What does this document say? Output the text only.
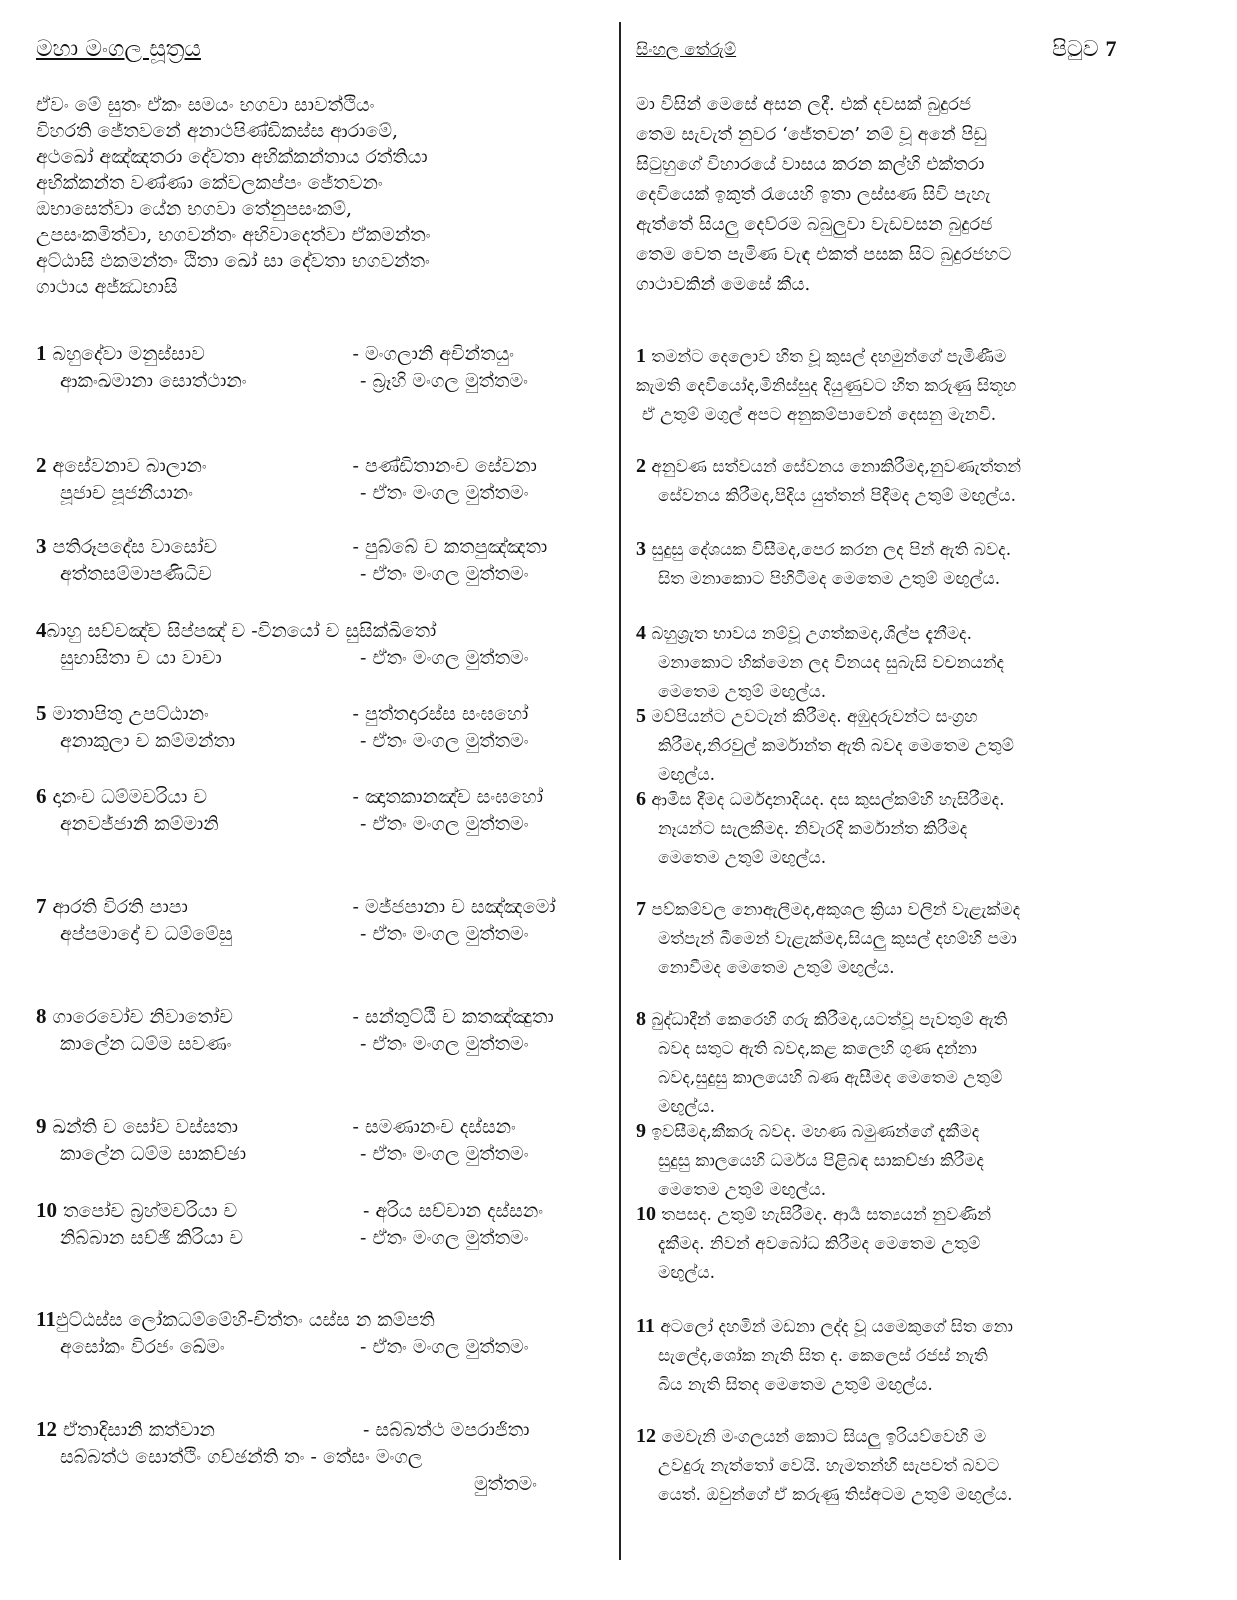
මහා මංගල සූත්‍රය
ඒවං මේ සුතං ඒකං සමයං භගවා සාවත්ථියං
විහරති ජේතවනේ අනාථපිණ්ඩිකස්ස ආරාමේ,
අථඛෝ අඤ්ඤතරා දේවතා අභික්කන්තාය රත්තියා
අභික්කන්ත වණ්ණා කේවලකප්පං ජේතවනං
ඔභාසෙත්වා යේන භගවා තේනුපසංකම්,
උපසංකමිත්වා, භගවන්තං අභිවාදෙත්වා ඒකමන්තං
අට්ඨාසි ඵකමන්තං ඨිතා ඛෝ සා දේවතා භගවන්තං
ගාථාය අජ්ඣභාසි
1 බහුදේවා මනුස්සාව	- මංගලානි අචින්තයුං
ආකංඛමානා සොත්ථානං	- බ්‍රෑහි මංගල මුත්තමං
2 අසේවනාව බාලානං	- පණ්ඩිතානංච සේවනා
පූජාච පූජනීයානං	- ඒතං මංගල මුත්තමං
3 පතිරූපදේස වාසෝච	- පුබ්බේ ච කතපුඤ්ඤතා
අත්තසම්මාපණිධිච	- ඒතං මංගල මුත්තමං
4බාහු සච්චඤ්ච සිප්පඤ් ච -විනයෝ ච සුසික්ඛිතෝ
සුභාසිතා ච යා වාචා	- ඒතං මංගල මුත්තමං
5 මාතාපිතු උපට්ඨානං	- පුත්තදාරස්ස සංඝහෝ
අනාකුලා ච කම්මන්තා	- ඒතං මංගල මුත්තමං
6 දානංච ධම්මචරියා ච	- ඤාතකානඤ්ච සංඝහෝ
අනවජ්ජානි කම්මානි	- ඒතං මංගල මුත්තමං
7 ආරති විරති පාපා	- මජ්ජපානා ච සඤ්ඤමෝ
අප්පමාදෝ ච ධම්මේසු	- ඒතං මංගල මුත්තමං
8 ගාරෙවෝච නිවාතෝච	- සන්තුට්ඨී ච කතඤ්ඤුතා
කාලේන ධම්ම සවණං	- ඒතං මංගල මුත්තමං
9 ඛන්ති ච සෝච වස්සතා	- සමණානංච දස්සනං
කාලේන ධම්ම සාකච්ඡා	- ඒතං මංගල මුත්තමං
10 තපෝච බ්‍රහ්මචරියා ච	- අරිය සච්චාන දස්සනං
නිබ්බාන සච්ඡි කිරියා ච	- ඒතං මංගල මුත්තමං
11ඵුට්ඨස්ස ලෝකධම්මේහි-චිත්තං යස්ස න කම්පති
අසෝකං විරජං ඛේමං	- ඒතං මංගල මුත්තමං
12 ඒතාදිසානි කත්වාන	- සබ්බත්ථ මපරාජිතා
සබ්බත්ථ සොත්ථිං ගච්ඡන්ති තං - තේසං මංගල
මුත්තමං
සිංහල තේරුම්
මා විසින් මෙසේ අසන ලදී. එක් දවසක් බුදුරජ
තෙම සැවැත් නුවර ‘ජේතවන’ නම් වූ අනේ පිඩු
සිටුහුගේ විහාරයේ වාසය කරන කල්හි එක්තරා
දෙවියෙක් ඉකුත් රැයෙහි ඉතා ලස්සණ සිවි පැහැ
ඇත්තේ සියලු දෙව්රම බබුලුවා වැඩවසන බුදුරජ
තෙම වෙත පැමිණ වැඳ එකත් පසක සිට බුදුරජහට
ගාථාවකින් මෙසේ කීය.
1 තමන්ට දෙලොව හිත වූ කුසල් දහමුන්ගේ පැමිණීම
කැමති දෙවියෝද,මිනිස්සුද දියුණුවට හිත කරුණු සිතූහ
ඒ උතුම් මගුල් අපට අනුකම්පාවෙන් දෙසනු මැනවි.
2 අනුවණ සත්වයන් සේවනය නොකිරීමද,නුවණැත්තන්
සේවනය කිරීමද,පිදිය යුත්තන් පිදීමද උතුම් මඟුල්ය.
3 සුදුසු දේශයක විසීමද,පෙර කරන ලද පින් ඇති බවද.
සිත මනාකොට පිහිටීමද මෙතෙම උතුම් මඟුල්ය.
4 බහුශ්‍රැත භාවය නම්වූ උගත්කමද,ශිල්ප දැනීමද.
මනාකොට හික්මෙන ලද විනයද සුබැසි වචනයන්ද
මෙතෙම උතුම් මඟුල්ය.
5 මව්පියන්ට උවටැන් කිරීමද. අඹුදරුවන්ට සංග්‍රහ
කිරීමද,නිරවුල් කර්මාන්ත ඇති බවද මෙතෙම උතුම්
මඟුල්ය.
6 ආමිස දීමද ධර්මදානාදියද. දස කුසල්කම්හි හැසිරීමද.
නෑයන්ට සැලකීමද. නිවැරදි කර්මාන්ත කිරීමද
මෙතෙම උතුම් මඟුල්ය.
7 පව්කම්වල නොඇලීමද,අකුශල ක්‍රියා වලින් වැළැක්මද
මත්පැන් බීමෙන් වැළැක්මද,සියලු කුසල් දහම්හි පමා
නොවීමද මෙතෙම උතුම් මඟුල්ය.
8 බුද්ධාදීන් කෙරෙහි ගරු කිරීමද,යටත්වූ පැවතුම් ඇති
බවද සතුට ඇති බවද,කළ කලෙහි ගුණ දන්නා
බවද,සුදුසු කාලයෙහි බණ ඇසීමද මෙතෙම උතුම්
මඟුල්ය.
9 ඉවසීමද,කීකරු බවද. මහණ බමුණන්ගේ දැකීමද
සුදුසු කාලයෙහි ධර්මය පිළිබඳ සාකච්ඡා කිරීමද
මෙතෙම උතුම් මඟුල්ය.
10 තපසද. උතුම් හැසිරීමද. ආර්‍ය සත්‍යයන් නුවණින්
දැකීමද. නිවන් අවබෝධ කිරීමද මෙතෙම උතුම්
මඟුල්ය.
11 අටලෝ දහමින් මඩනා ලද්ද වූ යමෙකුගේ සිත නො
සැලේද,ශෝක නැති සිත ද. කෙලෙස් රජස් නැති
බිය නැති සිතද මෙතෙම උතුම් මඟුල්ය.
12 මෙවැනි මංගලයන් කොට සියලු ඉරියව්වෙහි ම
උවදුරු නැත්තෝ වෙයි. හැමතන්හි සැපවත් බවට
යෙත්. ඔවුන්ගේ ඒ කරුණු තිස්අටම උතුම් මඟුල්ය.
පිටුව 7
